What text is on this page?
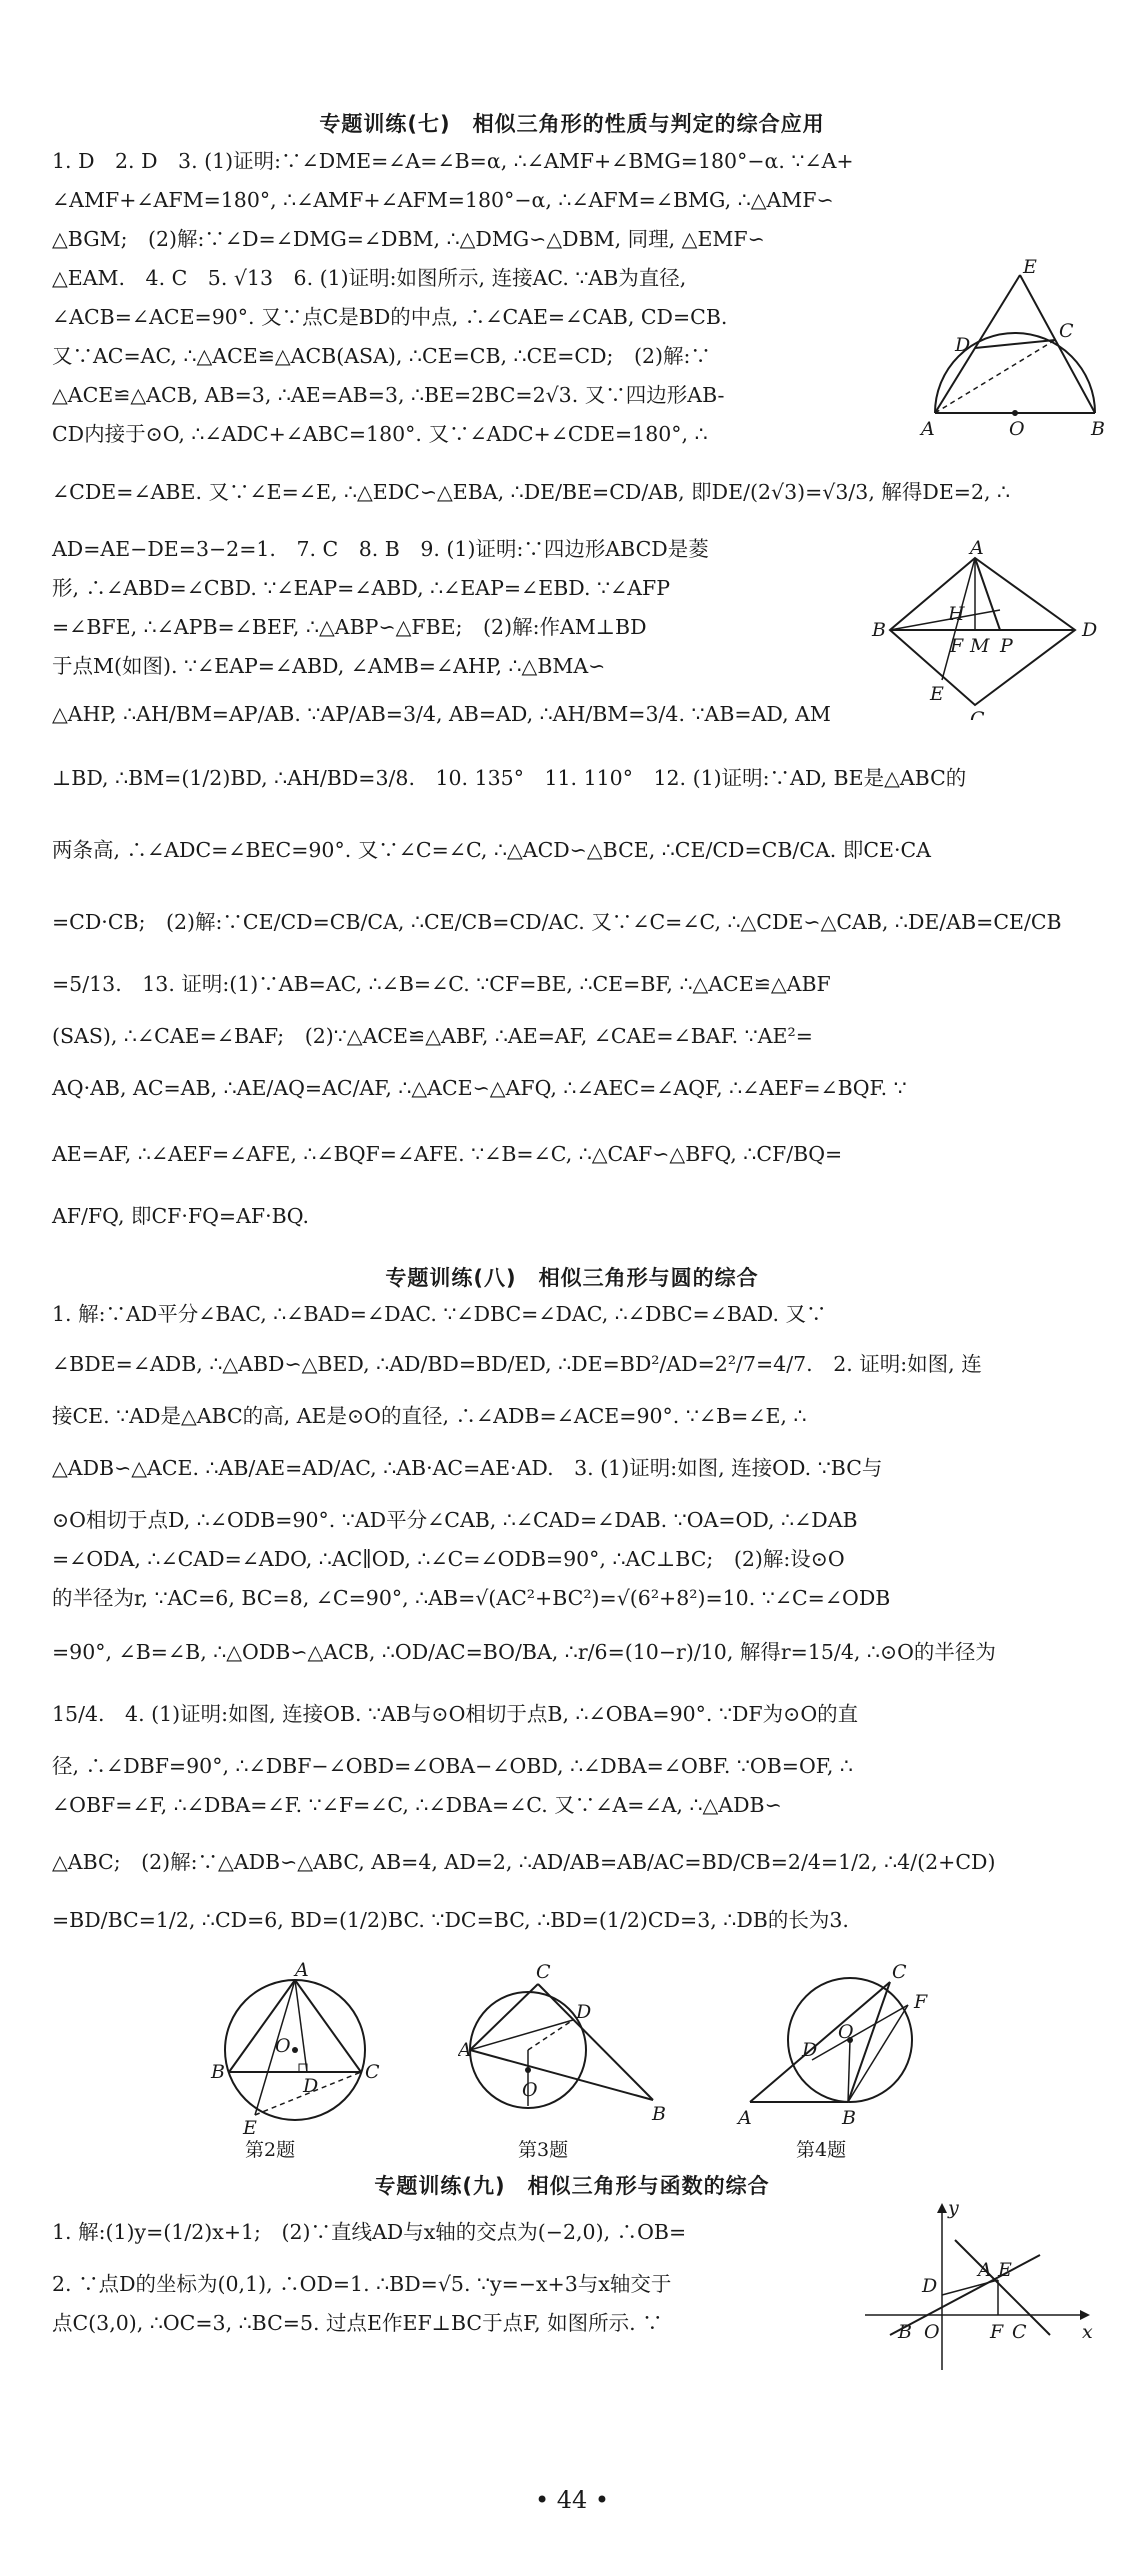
专题训练(七)　相似三角形的性质与判定的综合应用
1. D　2. D　3. (1)证明:∵∠DME=∠A=∠B=α, ∴∠AMF+∠BMG=180°−α. ∵∠A+
∠AMF+∠AFM=180°, ∴∠AMF+∠AFM=180°−α, ∴∠AFM=∠BMG, ∴△AMF∽
△BGM;　(2)解:∵∠D=∠DMG=∠DBM, ∴△DMG∽△DBM, 同理, △EMF∽
△EAM.　4. C　5. √13　6. (1)证明:如图所示, 连接AC. ∵AB为直径,
∠ACB=∠ACE=90°. 又∵点C是BD的中点, ∴∠CAE=∠CAB, CD=CB.
又∵AC=AC, ∴△ACE≌△ACB(ASA), ∴CE=CB, ∴CE=CD;　(2)解:∵
△ACE≌△ACB, AB=3, ∴AE=AB=3, ∴BE=2BC=2√3. 又∵四边形AB-
CD内接于⊙O, ∴∠ADC+∠ABC=180°. 又∵∠ADC+∠CDE=180°, ∴
∠CDE=∠ABE. 又∵∠E=∠E, ∴△EDC∽△EBA, ∴DE/BE=CD/AB, 即DE/(2√3)=√3/3, 解得DE=2, ∴
AD=AE−DE=3−2=1.　7. C　8. B　9. (1)证明:∵四边形ABCD是菱
形, ∴∠ABD=∠CBD. ∵∠EAP=∠ABD, ∴∠EAP=∠EBD. ∵∠AFP
=∠BFE, ∴∠APB=∠BEF, ∴△ABP∽△FBE;　(2)解:作AM⊥BD
于点M(如图). ∵∠EAP=∠ABD, ∠AMB=∠AHP, ∴△BMA∽
△AHP, ∴AH/BM=AP/AB. ∵AP/AB=3/4, AB=AD, ∴AH/BM=3/4. ∵AB=AD, AM
⊥BD, ∴BM=(1/2)BD, ∴AH/BD=3/8.　10. 135°　11. 110°　12. (1)证明:∵AD, BE是△ABC的
两条高, ∴∠ADC=∠BEC=90°. 又∵∠C=∠C, ∴△ACD∽△BCE, ∴CE/CD=CB/CA. 即CE·CA
=CD·CB;　(2)解:∵CE/CD=CB/CA, ∴CE/CB=CD/AC. 又∵∠C=∠C, ∴△CDE∽△CAB, ∴DE/AB=CE/CB
=5/13.　13. 证明:(1)∵AB=AC, ∴∠B=∠C. ∵CF=BE, ∴CE=BF, ∴△ACE≌△ABF
(SAS), ∴∠CAE=∠BAF;　(2)∵△ACE≌△ABF, ∴AE=AF, ∠CAE=∠BAF. ∵AE²=
AQ·AB, AC=AB, ∴AE/AQ=AC/AF, ∴△ACE∽△AFQ, ∴∠AEC=∠AQF, ∴∠AEF=∠BQF. ∵
AE=AF, ∴∠AEF=∠AFE, ∴∠BQF=∠AFE. ∵∠B=∠C, ∴△CAF∽△BFQ, ∴CF/BQ=
AF/FQ, 即CF·FQ=AF·BQ.
E
D
C
A	O	B
A
B	D
C
H
F M P
E
专题训练(八)　相似三角形与圆的综合
1. 解:∵AD平分∠BAC, ∴∠BAD=∠DAC. ∵∠DBC=∠DAC, ∴∠DBC=∠BAD. 又∵
∠BDE=∠ADB, ∴△ABD∽△BED, ∴AD/BD=BD/ED, ∴DE=BD²/AD=2²/7=4/7.　2. 证明:如图, 连
接CE. ∵AD是△ABC的高, AE是⊙O的直径, ∴∠ADB=∠ACE=90°. ∵∠B=∠E, ∴
△ADB∽△ACE. ∴AB/AE=AD/AC, ∴AB·AC=AE·AD.　3. (1)证明:如图, 连接OD. ∵BC与
⊙O相切于点D, ∴∠ODB=90°. ∵AD平分∠CAB, ∴∠CAD=∠DAB. ∵OA=OD, ∴∠DAB
=∠ODA, ∴∠CAD=∠ADO, ∴AC∥OD, ∴∠C=∠ODB=90°, ∴AC⊥BC;　(2)解:设⊙O
的半径为r, ∵AC=6, BC=8, ∠C=90°, ∴AB=√(AC²+BC²)=√(6²+8²)=10. ∵∠C=∠ODB
=90°, ∠B=∠B, ∴△ODB∽△ACB, ∴OD/AC=BO/BA, ∴r/6=(10−r)/10, 解得r=15/4, ∴⊙O的半径为
15/4.　4. (1)证明:如图, 连接OB. ∵AB与⊙O相切于点B, ∴∠OBA=90°. ∵DF为⊙O的直
径, ∴∠DBF=90°, ∴∠DBF−∠OBD=∠OBA−∠OBD, ∴∠DBA=∠OBF. ∵OB=OF, ∴
∠OBF=∠F, ∴∠DBA=∠F. ∵∠F=∠C, ∴∠DBA=∠C. 又∵∠A=∠A, ∴△ADB∽
△ABC;　(2)解:∵△ADB∽△ABC, AB=4, AD=2, ∴AD/AB=AB/AC=BD/CB=2/4=1/2, ∴4/(2+CD)
=BD/BC=1/2, ∴CD=6, BD=(1/2)BC. ∵DC=BC, ∴BD=(1/2)CD=3, ∴DB的长为3.
A
B	C
D
O
E
第2题
C
A
D
O
B
第3题
C
F
O
D
A	B
第4题
专题训练(九)　相似三角形与函数的综合
1. 解:(1)y=(1/2)x+1;　(2)∵直线AD与x轴的交点为(−2,0), ∴OB=
2. ∵点D的坐标为(0,1), ∴OD=1. ∴BD=√5. ∵y=−x+3与x轴交于
点C(3,0), ∴OC=3, ∴BC=5. 过点E作EF⊥BC于点F, 如图所示. ∵
y
x
D
A E
B O	F C
• 44 •
